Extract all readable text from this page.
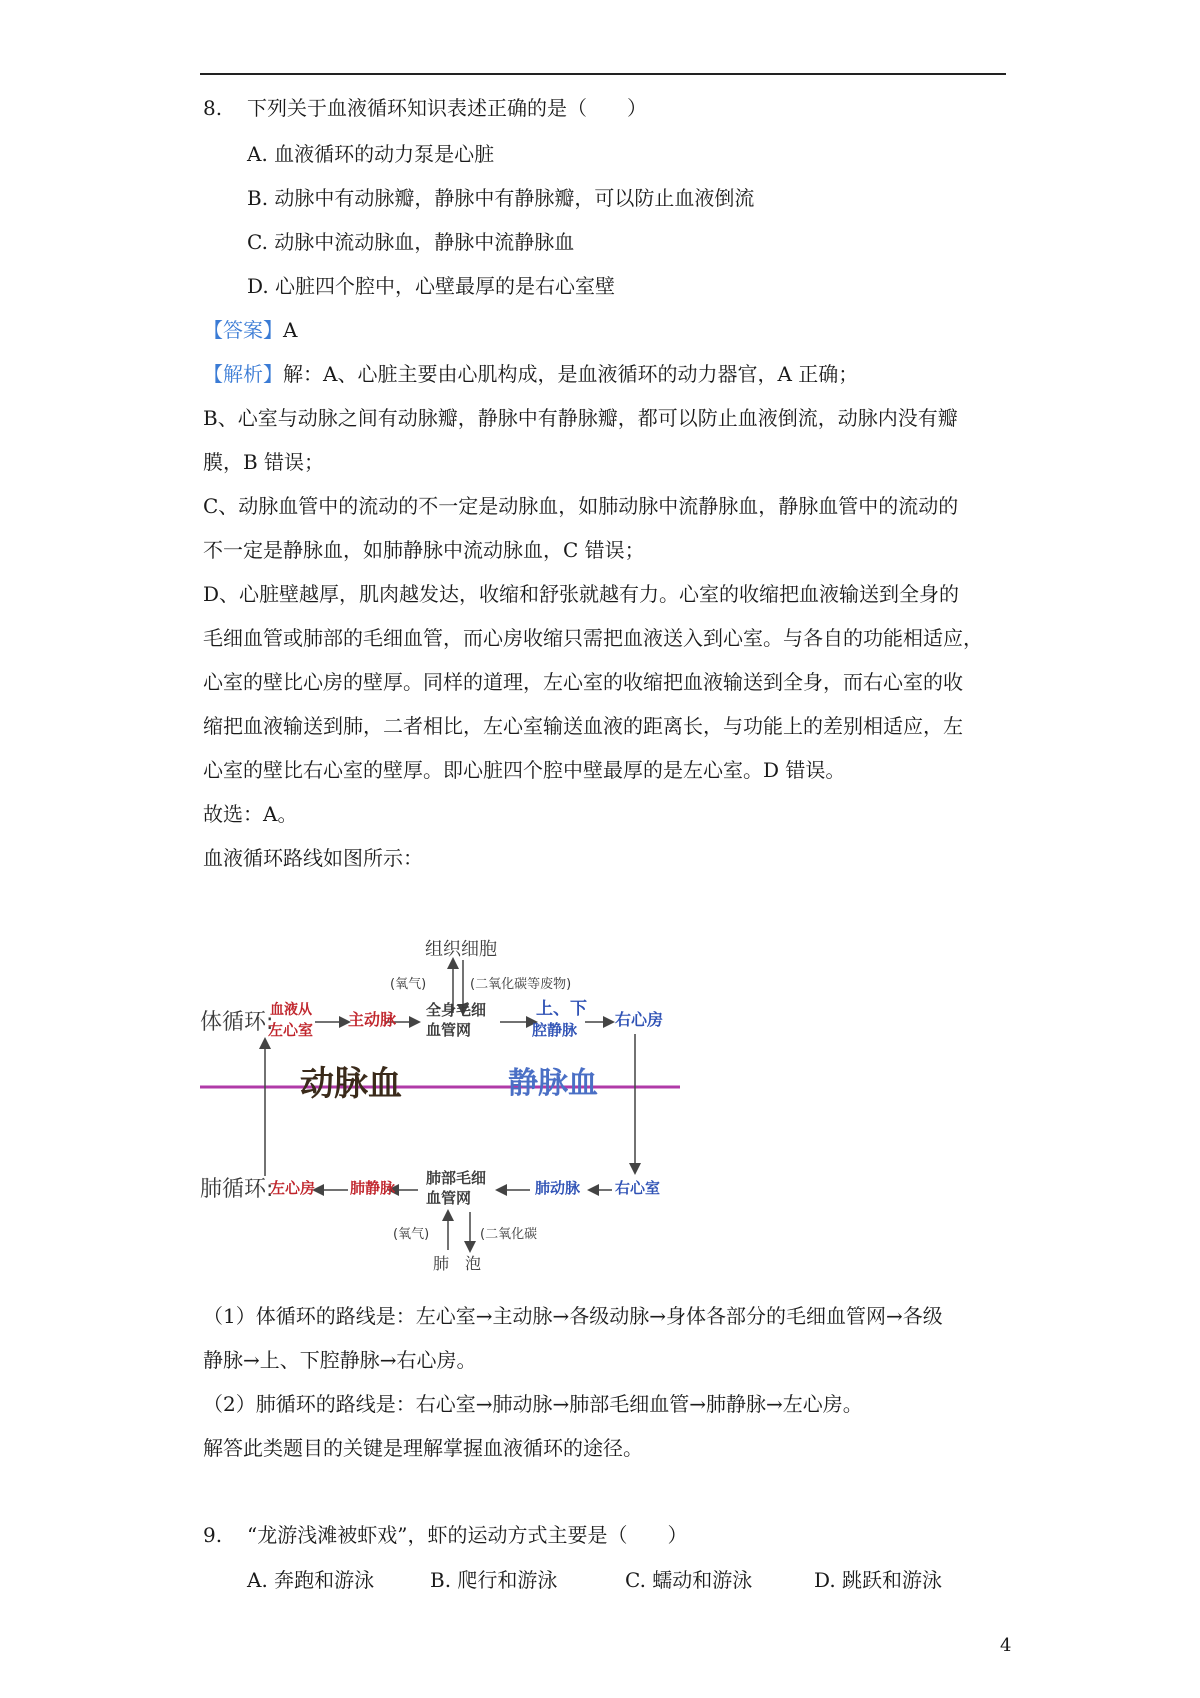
8. 下列关于血液循环知识表述正确的是（　　）
A. 血液循环的动力泵是心脏
B. 动脉中有动脉瓣，静脉中有静脉瓣，可以防止血液倒流
C. 动脉中流动脉血，静脉中流静脉血
D. 心脏四个腔中，心壁最厚的是右心室壁
【答案】A
【解析】解：A、心脏主要由心肌构成，是血液循环的动力器官，A 正确；
B、心室与动脉之间有动脉瓣，静脉中有静脉瓣，都可以防止血液倒流，动脉内没有瓣
膜，B 错误；
C、动脉血管中的流动的不一定是动脉血，如肺动脉中流静脉血，静脉血管中的流动的
不一定是静脉血，如肺静脉中流动脉血，C 错误；
D、心脏壁越厚，肌肉越发达，收缩和舒张就越有力。心室的收缩把血液输送到全身的
毛细血管或肺部的毛细血管，而心房收缩只需把血液送入到心室。与各自的功能相适应，
心室的壁比心房的壁厚。同样的道理，左心室的收缩把血液输送到全身，而右心室的收
缩把血液输送到肺，二者相比，左心室输送血液的距离长，与功能上的差别相适应，左
心室的壁比右心室的壁厚。即心脏四个腔中壁最厚的是左心室。D 错误。
故选：A。
血液循环路线如图所示：
组织细胞
(氧气)	(二氧化碳等废物)
体循环:
血液从
左心室
主动脉 全身毛细
血管网
上、下
腔静脉
右心房
动脉血	静脉血
肺循环:
左心房 肺静脉
肺部毛细
血管网
肺动脉 右心室
(氧气)	(二氧化碳
肺　泡
（1）体循环的路线是：左心室→主动脉→各级动脉→身体各部分的毛细血管网→各级
静脉→上、下腔静脉→右心房。
（2）肺循环的路线是：右心室→肺动脉→肺部毛细血管→肺静脉→左心房。
解答此类题目的关键是理解掌握血液循环的途径。
9. “龙游浅滩被虾戏”，虾的运动方式主要是（　　）
A. 奔跑和游泳	B. 爬行和游泳	C. 蠕动和游泳	D. 跳跃和游泳
4
